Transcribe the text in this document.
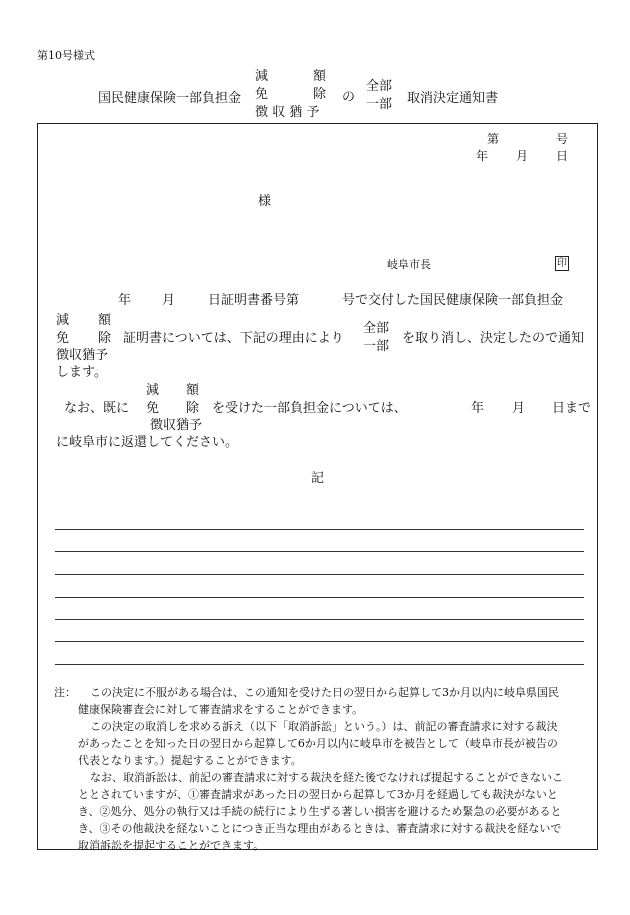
第10号様式
国民健康保険一部負担金
減	額
免	除
徴 収 猶 予
の
全部
一部 取消決定通知書
第	号
年 月 日
様
岐阜市長	印
年 月	日証明書番号第	号で交付した国民健康保険一部負担金
減 額
免 除
徴収猶予
証明書については、下記の理由により
全部
一部
を取り消し、決定したので通知
します。
減 額
なお、既に 免 除
徴収猶予
を受けた一部負担金については、	年 月 日まで
に岐阜市に返還してください。
記
注： この決定に不服がある場合は、この通知を受けた日の翌日から起算して3か月以内に岐阜県国民
健康保険審査会に対して審査請求をすることができます。
この決定の取消しを求める訴え（以下「取消訴訟」という。）は、前記の審査請求に対する裁決
があったことを知った日の翌日から起算して6か月以内に岐阜市を被告として（岐阜市長が被告の
代表となります。）提起することができます。
なお、取消訴訟は、前記の審査請求に対する裁決を経た後でなければ提起することができないこ
ととされていますが、①審査請求があった日の翌日から起算して3か月を経過しても裁決がないと
き、②処分、処分の執行又は手続の続行により生ずる著しい損害を避けるため緊急の必要があると
き、③その他裁決を経ないことにつき正当な理由があるときは、審査請求に対する裁決を経ないで
取消訴訟を提起することができます。
